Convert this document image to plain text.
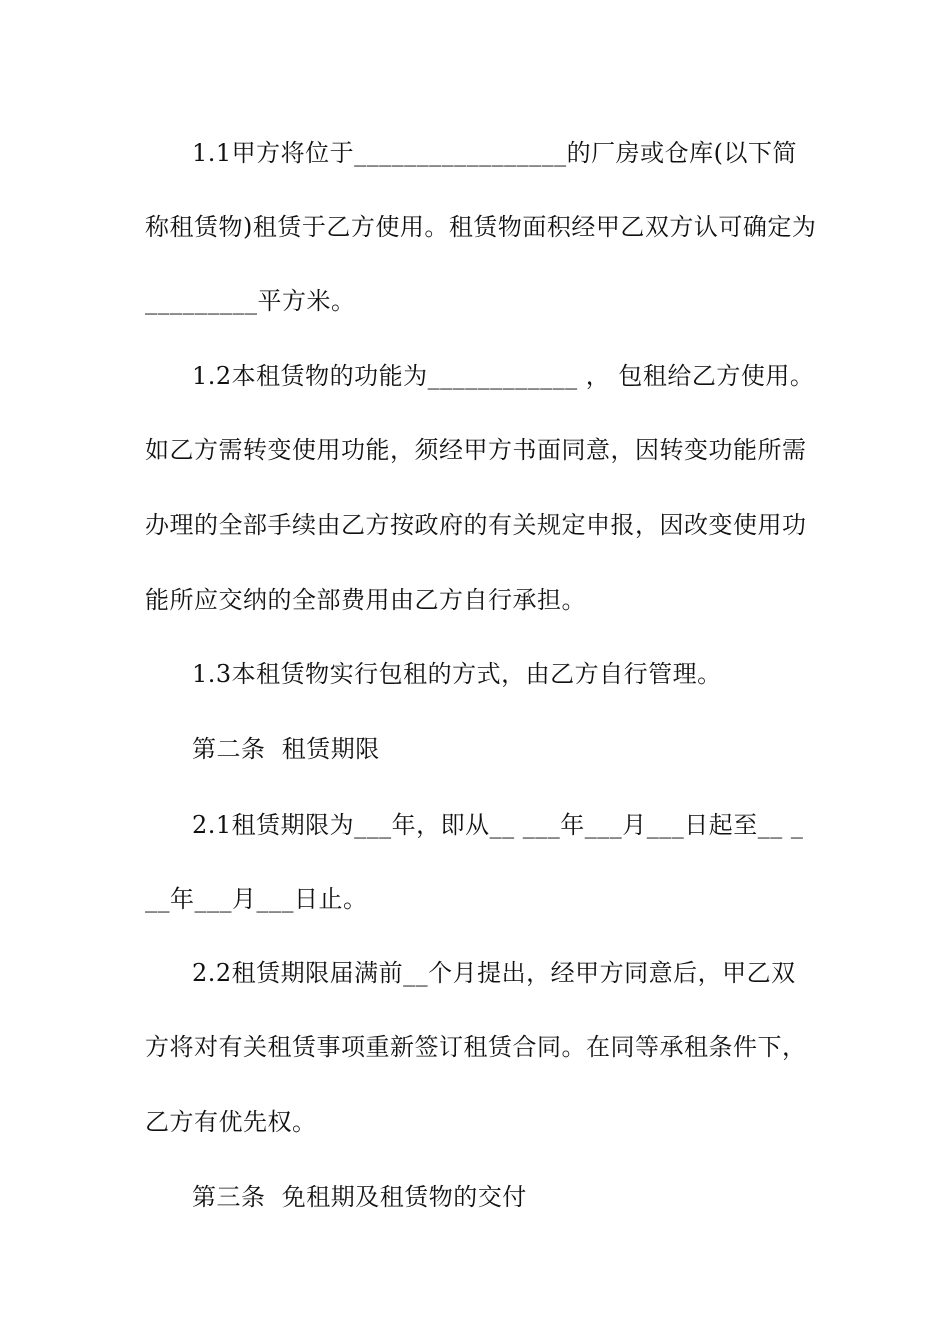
1.1甲方将位于_________________的厂房或仓库(以下简
称租赁物)租赁于乙方使用。租赁物面积经甲乙双方认可确定为
_________平方米。
1.2本租赁物的功能为____________ ， 包租给乙方使用。
如乙方需转变使用功能，须经甲方书面同意，因转变功能所需
办理的全部手续由乙方按政府的有关规定申报，因改变使用功
能所应交纳的全部费用由乙方自行承担。
1.3本租赁物实行包租的方式，由乙方自行管理。
第二条  租赁期限
2.1租赁期限为___年，即从__ ___年___月___日起至__ _
__年___月___日止。
2.2租赁期限届满前__个月提出，经甲方同意后，甲乙双
方将对有关租赁事项重新签订租赁合同。在同等承租条件下，
乙方有优先权。
第三条  免租期及租赁物的交付
